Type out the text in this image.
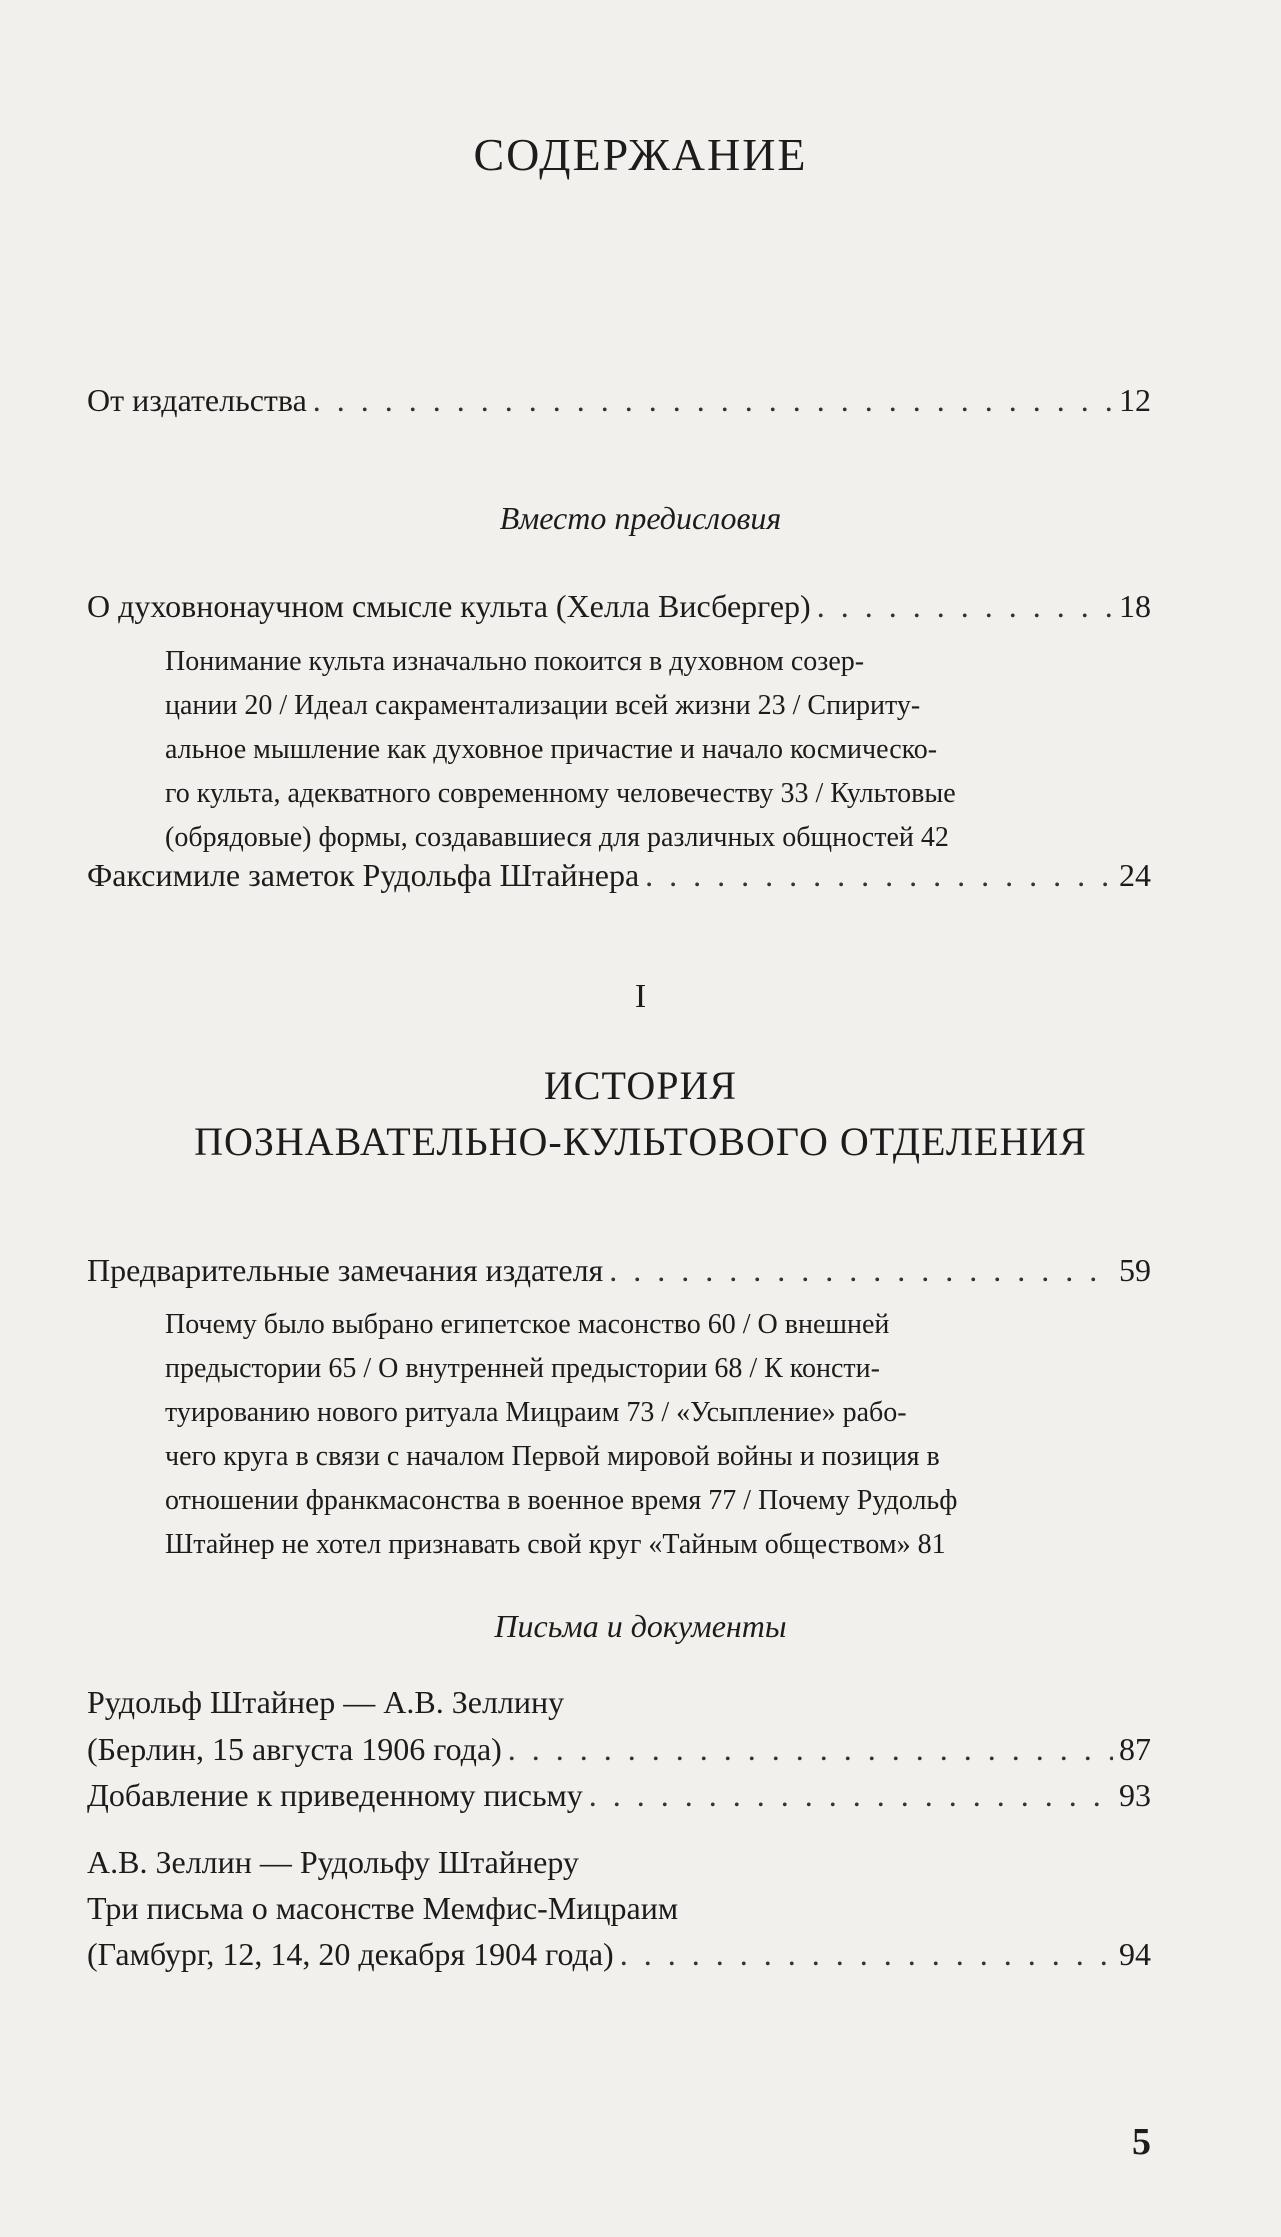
СОДЕРЖАНИЕ
От издательства . . .	12
Вместо предисловия
О духовнонаучном смысле культа (Хелла Висбергер) . . .	18
Понимание культа изначально покоится в духовном созер-
цании 20 / Идеал сакраментализации всей жизни 23 / Спириту-
альное мышление как духовное причастие и начало космическо-
го культа, адекватного современному человечеству 33 / Культовые
(обрядовые) формы, создававшиеся для различных общностей 42
Факсимиле заметок Рудольфа Штайнера . . .	24
I
ИСТОРИЯ
ПОЗНАВАТЕЛЬНО-КУЛЬТОВОГО ОТДЕЛЕНИЯ
Предварительные замечания издателя . . .	59
Почему было выбрано египетское масонство 60 / О внешней
предыстории 65 / О внутренней предыстории 68 / К консти-
туированию нового ритуала Мицраим 73 / «Усыпление» рабо-
чего круга в связи с началом Первой мировой войны и позиция в
отношении франкмасонства в военное время 77 / Почему Рудольф
Штайнер не хотел признавать свой круг «Тайным обществом» 81
Письма и документы
Рудольф Штайнер — А.В. Зеллину
(Берлин, 15 августа 1906 года) . . .	87
Добавление к приведенному письму . . .	93
А.В. Зеллин — Рудольфу Штайнеру
Три письма о масонстве Мемфис-Мицраим
(Гамбург, 12, 14, 20 декабря 1904 года) . . .	94
5
